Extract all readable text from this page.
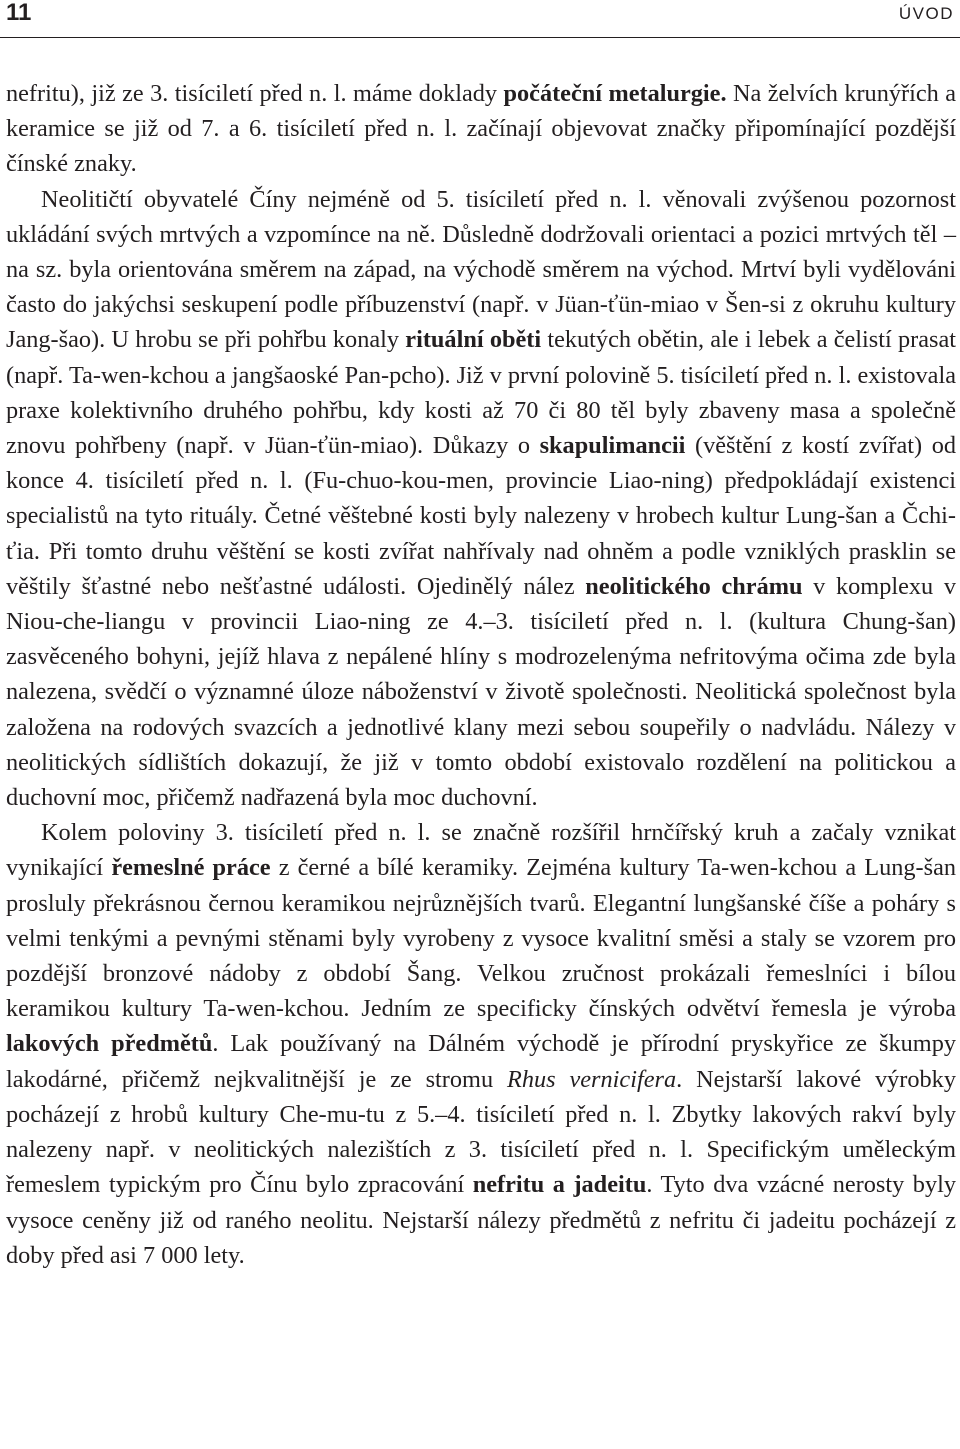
11	ÚVOD

nefritu), již ze 3. tisíciletí před n. l. máme doklady počáteční metalurgie. Na želvích krunýřích a keramice se již od 7. a 6. tisíciletí před n. l. začínají objevovat značky připomínající pozdější čínské znaky.

Neolitičtí obyvatelé Číny nejméně od 5. tisíciletí před n. l. věnovali zvýšenou pozornost ukládání svých mrtvých a vzpomínce na ně. Důsledně dodržovali orientaci a pozici mrtvých těl – na sz. byla orientována směrem na západ, na východě směrem na východ. Mrtví byli vydělováni často do jakýchsi seskupení podle příbuzenství (např. v Jüan-ťün-miao v Šen-si z okruhu kultury Jang-šao). U hrobu se při pohřbu konaly rituální oběti tekutých obětin, ale i lebek a čelistí prasat (např. Ta-wen-kchou a jangšaoské Pan-pcho). Již v první polovině 5. tisíciletí před n. l. existovala praxe kolektivního druhého pohřbu, kdy kosti až 70 či 80 těl byly zbaveny masa a společně znovu pohřbeny (např. v Jüan-ťün-miao). Důkazy o skapulimancii (věštění z kostí zvířat) od konce 4. tisíciletí před n. l. (Fu-chuo-kou-men, provincie Liao-ning) předpokládají existenci specialistů na tyto rituály. Četné věštebné kosti byly nalezeny v hrobech kultur Lung-šan a Čchi-ťia. Při tomto druhu věštění se kosti zvířat nahřívaly nad ohněm a podle vzniklých prasklin se věštily šťastné nebo nešťastné události. Ojedinělý nález neolitického chrámu v komplexu v Niou-che-liangu v provincii Liao-ning ze 4.–3. tisíciletí před n. l. (kultura Chung-šan) zasvěceného bohyni, jejíž hlava z nepálené hlíny s modrozelenýma nefritovýma očima zde byla nalezena, svědčí o významné úloze náboženství v životě společnosti. Neolitická společnost byla založena na rodových svazcích a jednotlivé klany mezi sebou soupeřily o nadvládu. Nálezy v neolitických sídlištích dokazují, že již v tomto období existovalo rozdělení na politickou a duchovní moc, přičemž nadřazená byla moc duchovní.

Kolem poloviny 3. tisíciletí před n. l. se značně rozšířil hrnčířský kruh a začaly vznikat vynikající řemeslné práce z černé a bílé keramiky. Zejména kultury Ta-wen-kchou a Lung-šan prosluly překrásnou černou keramikou nejrůznějších tvarů. Elegantní lungšanské číše a poháry s velmi tenkými a pevnými stěnami byly vyrobeny z vysoce kvalitní směsi a staly se vzorem pro pozdější bronzové nádoby z období Šang. Velkou zručnost prokázali řemeslníci i bílou keramikou kultury Ta-wen-kchou. Jedním ze specificky čínských odvětví řemesla je výroba lakových předmětů. Lak používaný na Dálném východě je přírodní pryskyřice ze škumpy lakodárné, přičemž nejkvalitnější je ze stromu Rhus vernicifera. Nejstarší lakové výrobky pocházejí z hrobů kultury Che-mu-tu z 5.–4. tisíciletí před n. l. Zbytky lakových rakví byly nalezeny např. v neolitických nalezištích z 3. tisíciletí před n. l. Specifickým uměleckým řemeslem typickým pro Čínu bylo zpracování nefritu a jadeitu. Tyto dva vzácné nerosty byly vysoce ceněny již od raného neolitu. Nejstarší nálezy předmětů z nefritu či jadeitu pocházejí z doby před asi 7 000 lety.
